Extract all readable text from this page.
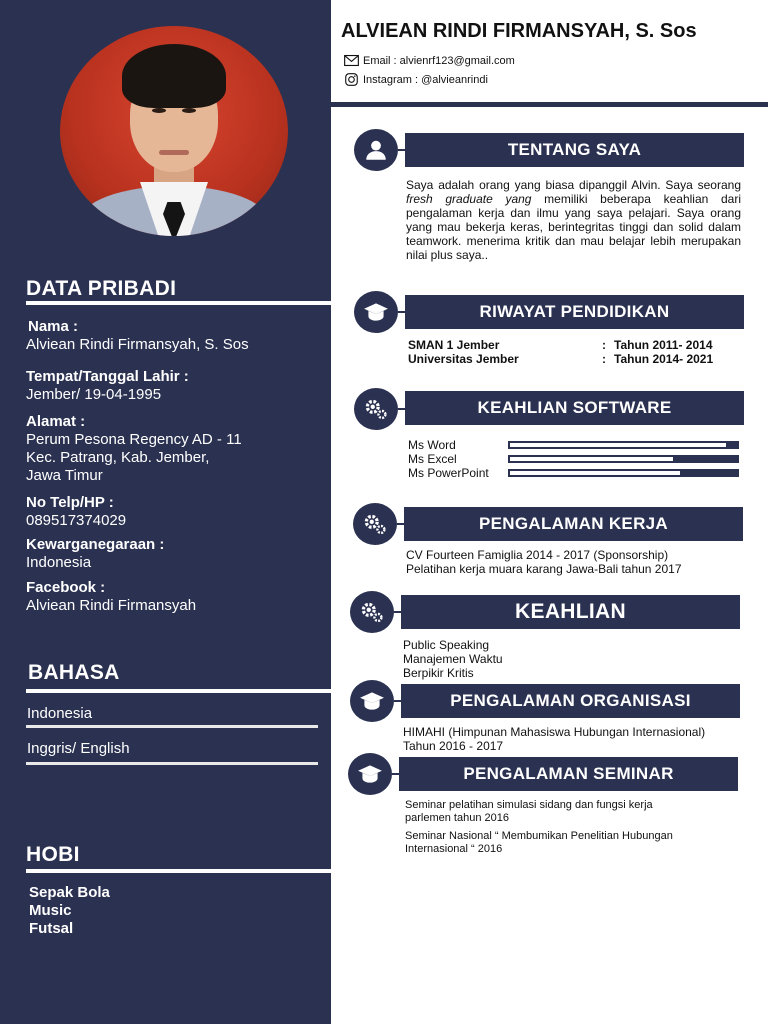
DATA PRIBADI
Nama :
Alviean Rindi Firmansyah, S. Sos
Tempat/Tanggal Lahir :
Jember/ 19-04-1995
Alamat :
Perum Pesona Regency AD - 11
Kec. Patrang, Kab. Jember,
Jawa Timur
No Telp/HP :
089517374029
Kewarganegaraan :
Indonesia
Facebook :
Alviean Rindi Firmansyah
BAHASA
Indonesia
Inggris/ English
HOBI
Sepak Bola
Music
Futsal
ALVIEAN RINDI FIRMANSYAH, S. Sos
Email : alvienrf123@gmail.com
Instagram : @alvieanrindi
TENTANG SAYA
Saya adalah orang yang biasa dipanggil Alvin. Saya seorang fresh graduate yang memiliki beberapa keahlian dari pengalaman kerja dan ilmu yang saya pelajari. Saya orang yang mau bekerja keras, berintegritas tinggi dan solid dalam teamwork. menerima kritik dan mau belajar lebih merupakan nilai plus saya..
RIWAYAT PENDIDIKAN
SMAN 1 Jember	: Tahun 2011- 2014
Universitas Jember	: Tahun 2014- 2021
KEAHLIAN SOFTWARE
Ms Word
Ms Excel
Ms PowerPoint
PENGALAMAN KERJA
CV Fourteen Famiglia 2014 - 2017 (Sponsorship)
Pelatihan kerja muara karang Jawa-Bali tahun 2017
KEAHLIAN
Public Speaking
Manajemen Waktu
Berpikir Kritis
PENGALAMAN ORGANISASI
HIMAHI (Himpunan Mahasiswa Hubungan Internasional)
Tahun 2016 - 2017
PENGALAMAN SEMINAR
Seminar pelatihan simulasi sidang dan fungsi kerja
parlemen tahun 2016
Seminar Nasional “ Membumikan Penelitian Hubungan
Internasional “ 2016
